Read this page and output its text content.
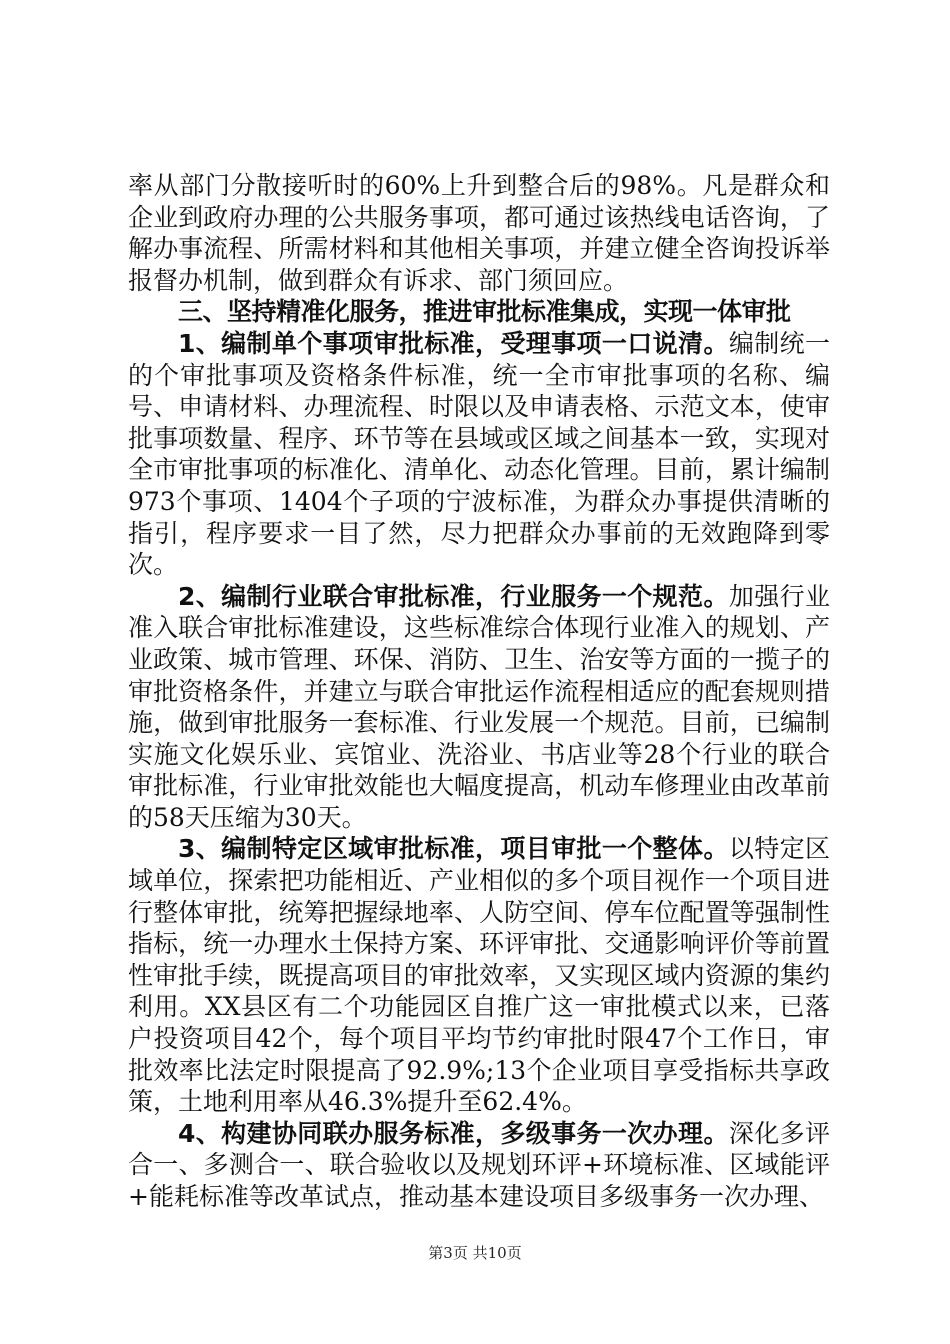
率从部门分散接听时的60%上升到整合后的98%。凡是群众和企业到政府办理的公共服务事项，都可通过该热线电话咨询，了解办事流程、所需材料和其他相关事项，并建立健全咨询投诉举报督办机制，做到群众有诉求、部门须回应。

三、坚持精准化服务，推进审批标准集成，实现一体审批

1、编制单个事项审批标准，受理事项一口说清。编制统一的个审批事项及资格条件标准，统一全市审批事项的名称、编号、申请材料、办理流程、时限以及申请表格、示范文本，使审批事项数量、程序、环节等在县域或区域之间基本一致，实现对全市审批事项的标准化、清单化、动态化管理。目前，累计编制973个事项、1404个子项的宁波标准，为群众办事提供清晰的指引，程序要求一目了然，尽力把群众办事前的无效跑降到零次。

2、编制行业联合审批标准，行业服务一个规范。加强行业准入联合审批标准建设，这些标准综合体现行业准入的规划、产业政策、城市管理、环保、消防、卫生、治安等方面的一揽子的审批资格条件，并建立与联合审批运作流程相适应的配套规则措施，做到审批服务一套标准、行业发展一个规范。目前，已编制实施文化娱乐业、宾馆业、洗浴业、书店业等28个行业的联合审批标准，行业审批效能也大幅度提高，机动车修理业由改革前的58天压缩为30天。

3、编制特定区域审批标准，项目审批一个整体。以特定区域单位，探索把功能相近、产业相似的多个项目视作一个项目进行整体审批，统筹把握绿地率、人防空间、停车位配置等强制性指标，统一办理水土保持方案、环评审批、交通影响评价等前置性审批手续，既提高项目的审批效率，又实现区域内资源的集约利用。XX县区有二个功能园区自推广这一审批模式以来，已落户投资项目42个，每个项目平均节约审批时限47个工作日，审批效率比法定时限提高了92.9%;13个企业项目享受指标共享政策，土地利用率从46.3%提升至62.4%。

4、构建协同联办服务标准，多级事务一次办理。深化多评合一、多测合一、联合验收以及规划环评+环境标准、区域能评+能耗标准等改革试点，推动基本建设项目多级事务一次办理、

第3页 共10页
